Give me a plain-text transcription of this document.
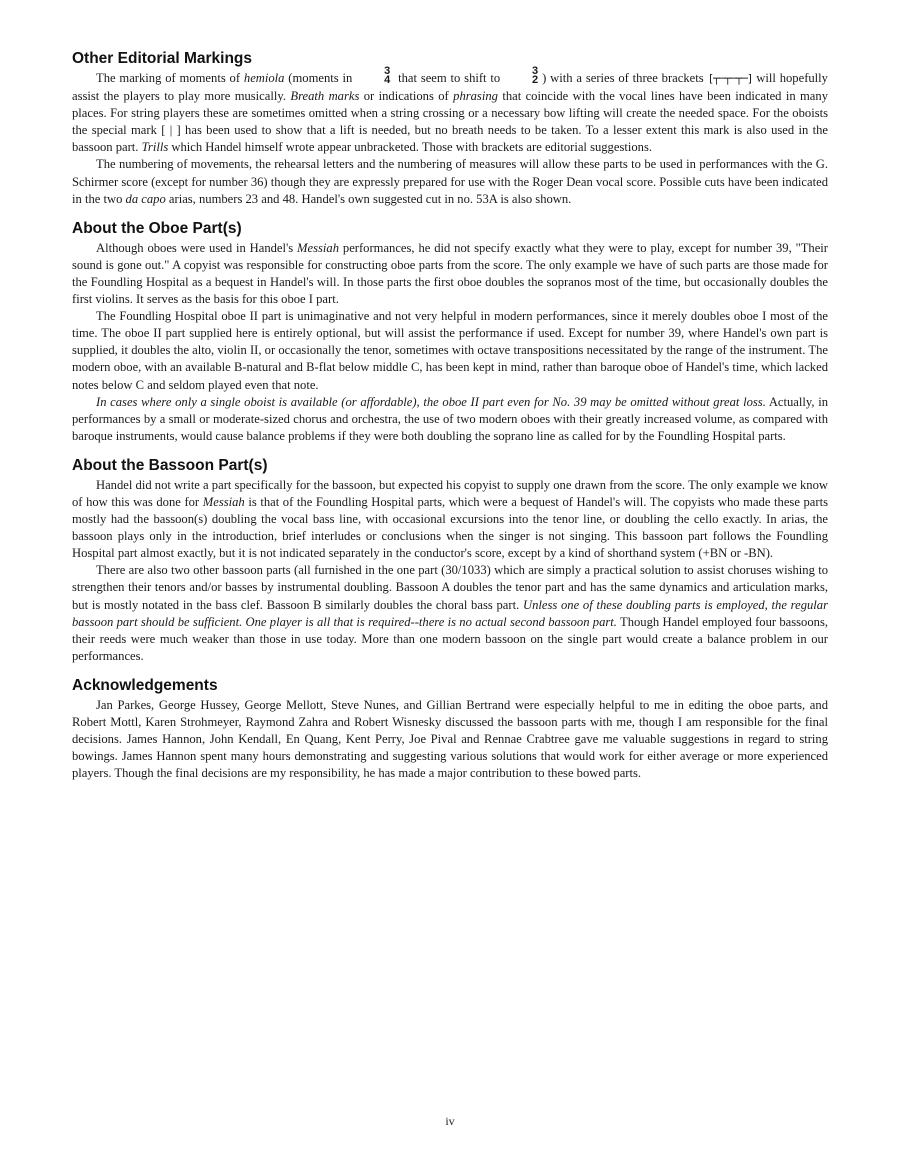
Other Editorial Markings

The marking of moments of hemiola (moments in	3
4 that seem to shift to	3
2 ) with a series of three brackets [┬─┬─┬─] will hopefully assist the players to play more musically. Breath marks or indications of phrasing that coincide with the vocal lines have been indicated in many places. For string players these are sometimes omitted when a string crossing or a necessary bow lifting will create the needed space. For the oboists the special mark [ | ] has been used to show that a lift is needed, but no breath needs to be taken. To a lesser extent this mark is also used in the bassoon part. Trills which Handel himself wrote appear unbracketed. Those with brackets are editorial suggestions.

The numbering of movements, the rehearsal letters and the numbering of measures will allow these parts to be used in performances with the G. Schirmer score (except for number 36) though they are expressly prepared for use with the Roger Dean vocal score. Possible cuts have been indicated in the two da capo arias, numbers 23 and 48. Handel's own suggested cut in no. 53A is also shown.

About the Oboe Part(s)

Although oboes were used in Handel's Messiah performances, he did not specify exactly what they were to play, except for number 39, "Their sound is gone out." A copyist was responsible for constructing oboe parts from the score. The only example we have of such parts are those made for the Foundling Hospital as a bequest in Handel's will. In those parts the first oboe doubles the sopranos most of the time, but occasionally doubles the first violins. It serves as the basis for this oboe I part.

The Foundling Hospital oboe II part is unimaginative and not very helpful in modern performances, since it merely doubles oboe I most of the time. The oboe II part supplied here is entirely optional, but will assist the performance if used. Except for number 39, where Handel's own part is supplied, it doubles the alto, violin II, or occasionally the tenor, sometimes with octave transpositions necessitated by the range of the instrument. The modern oboe, with an available B-natural and B-flat below middle C, has been kept in mind, rather than baroque oboe of Handel's time, which lacked notes below C and seldom played even that note.

In cases where only a single oboist is available (or affordable), the oboe II part even for No. 39 may be omitted without great loss. Actually, in performances by a small or moderate-sized chorus and orchestra, the use of two modern oboes with their greatly increased volume, as compared with baroque instruments, would cause balance problems if they were both doubling the soprano line as called for by the Foundling Hospital parts.

About the Bassoon Part(s)

Handel did not write a part specifically for the bassoon, but expected his copyist to supply one drawn from the score. The only example we know of how this was done for Messiah is that of the Foundling Hospital parts, which were a bequest of Handel's will. The copyists who made these parts mostly had the bassoon(s) doubling the vocal bass line, with occasional excursions into the tenor line, or doubling the cello exactly. In arias, the bassoon plays only in the introduction, brief interludes or conclusions when the singer is not singing. This bassoon part follows the Foundling Hospital part almost exactly, but it is not indicated separately in the conductor's score, except by a kind of shorthand system (+BN or -BN).

There are also two other bassoon parts (all furnished in the one part (30/1033) which are simply a practical solution to assist choruses wishing to strengthen their tenors and/or basses by instrumental doubling. Bassoon A doubles the tenor part and has the same dynamics and articulation marks, but is mostly notated in the bass clef. Bassoon B similarly doubles the choral bass part. Unless one of these doubling parts is employed, the regular bassoon part should be sufficient. One player is all that is required--there is no actual second bassoon part. Though Handel employed four bassoons, their reeds were much weaker than those in use today. More than one modern bassoon on the single part would create a balance problem in our performances.

Acknowledgements

Jan Parkes, George Hussey, George Mellott, Steve Nunes, and Gillian Bertrand were especially helpful to me in editing the oboe parts, and Robert Mottl, Karen Strohmeyer, Raymond Zahra and Robert Wisnesky discussed the bassoon parts with me, though I am responsible for the final decisions. James Hannon, John Kendall, En Quang, Kent Perry, Joe Pival and Rennae Crabtree gave me valuable suggestions in regard to string bowings. James Hannon spent many hours demonstrating and suggesting various solutions that would work for either average or more experienced players. Though the final decisions are my responsibility, he has made a major contribution to these bowed parts.

iv
